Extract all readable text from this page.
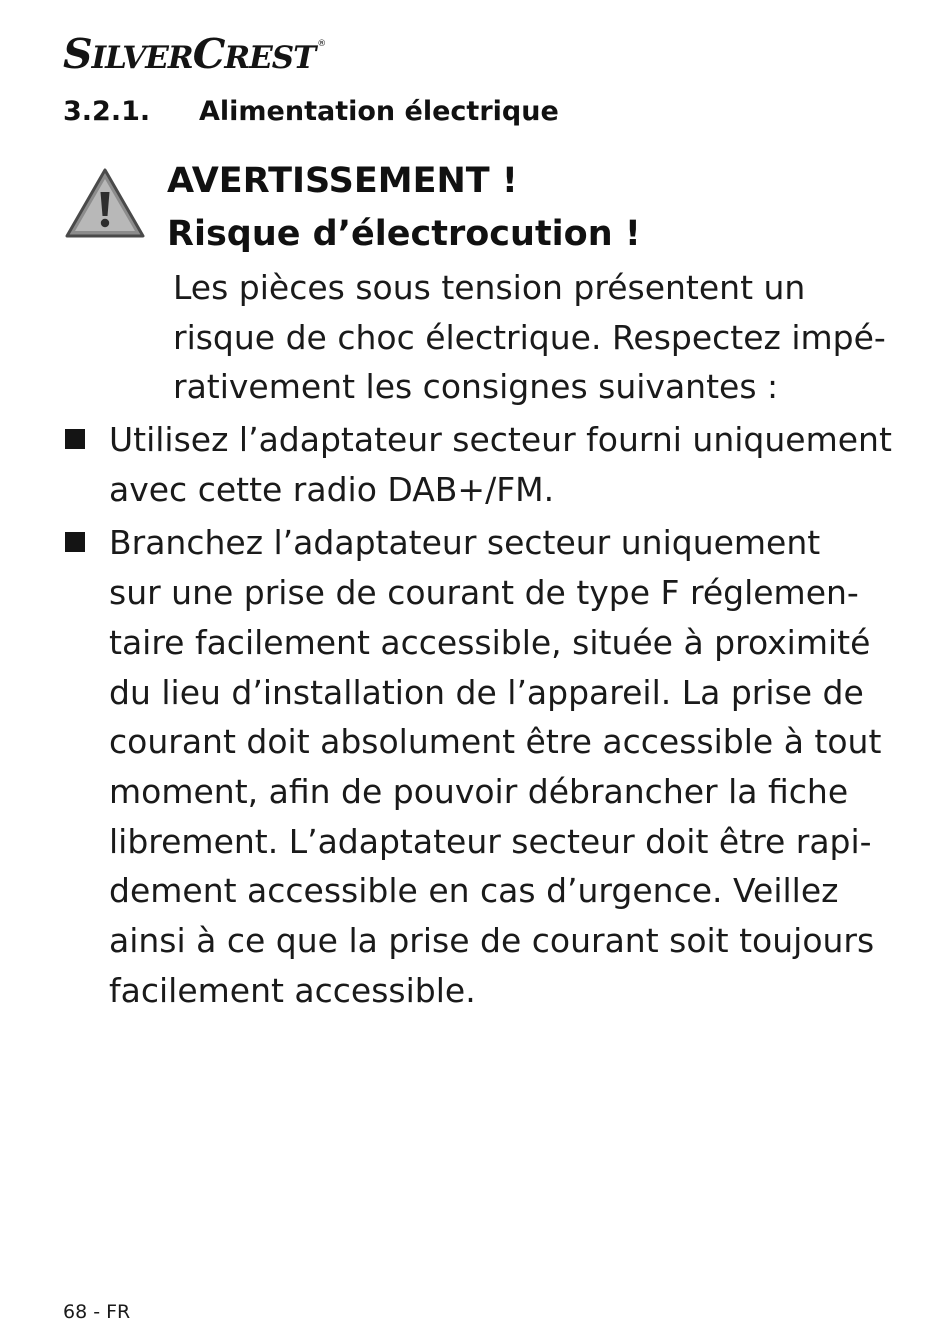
SILVERCREST ®
3.2.1. Alimentation électrique
AVERTISSEMENT !
Risque d’électrocution !
Les pièces sous tension présentent un
risque de choc électrique. Respectez impé-
rativement les consignes suivantes :
Utilisez l’adaptateur secteur fourni uniquement
avec cette radio DAB+/FM.
Branchez l’adaptateur secteur uniquement
sur une prise de courant de type F réglemen-
taire facilement accessible, située à proximité
du lieu d’installation de l’appareil. La prise de
courant doit absolument être accessible à tout
moment, afin de pouvoir débrancher la fiche
librement. L’adaptateur secteur doit être rapi-
dement accessible en cas d’urgence. Veillez
ainsi à ce que la prise de courant soit toujours
facilement accessible.
68 - FR
